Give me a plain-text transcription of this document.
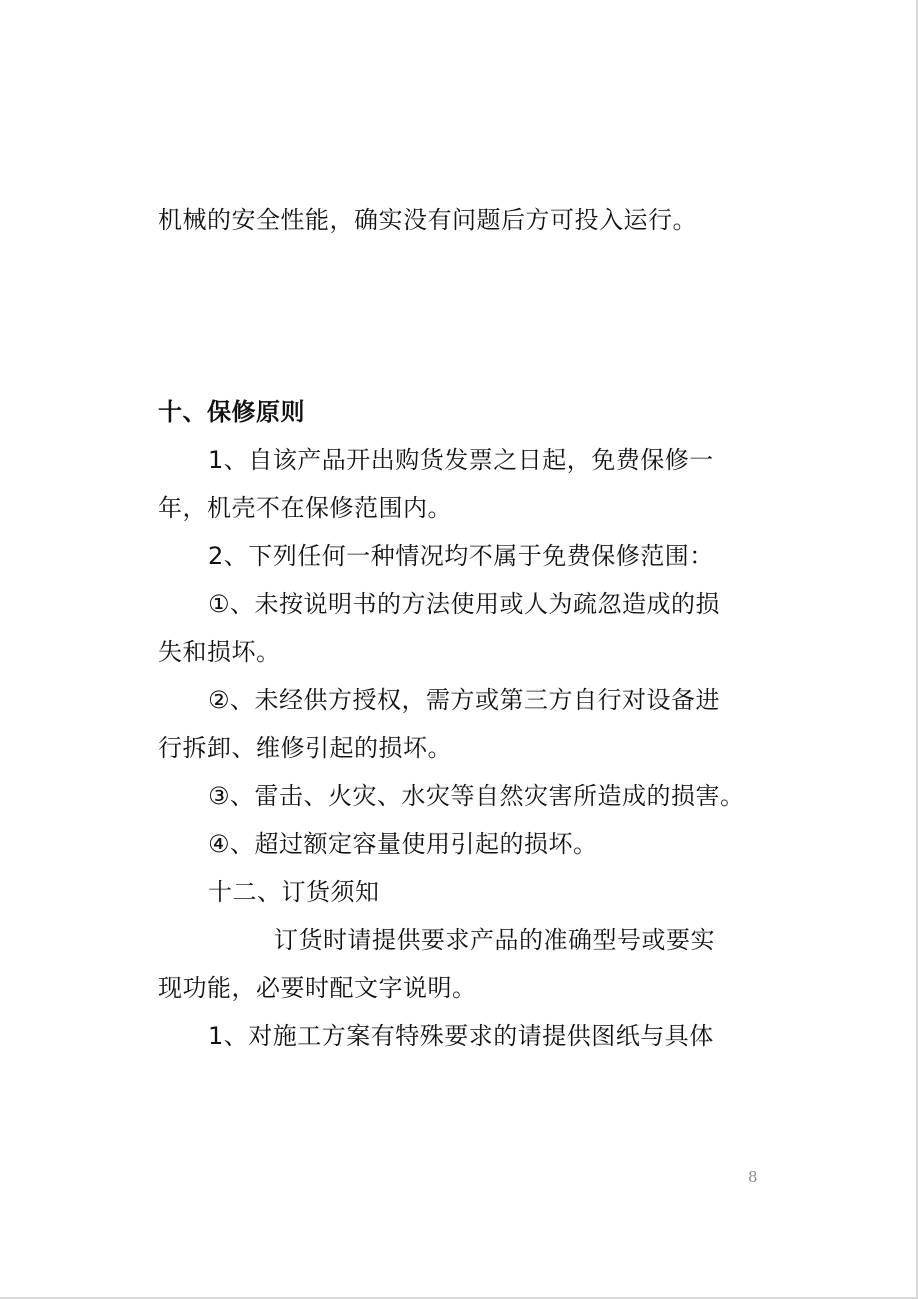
机械的安全性能，确实没有问题后方可投入运行。
十、保修原则
1、自该产品开出购货发票之日起，免费保修一
年，机壳不在保修范围内。
2、下列任何一种情况均不属于免费保修范围：
①、未按说明书的方法使用或人为疏忽造成的损
失和损坏。
②、未经供方授权，需方或第三方自行对设备进
行拆卸、维修引起的损坏。
③、雷击、火灾、水灾等自然灾害所造成的损害。
④、超过额定容量使用引起的损坏。
十二、订货须知
订货时请提供要求产品的准确型号或要实
现功能，必要时配文字说明。
1、对施工方案有特殊要求的请提供图纸与具体
8
